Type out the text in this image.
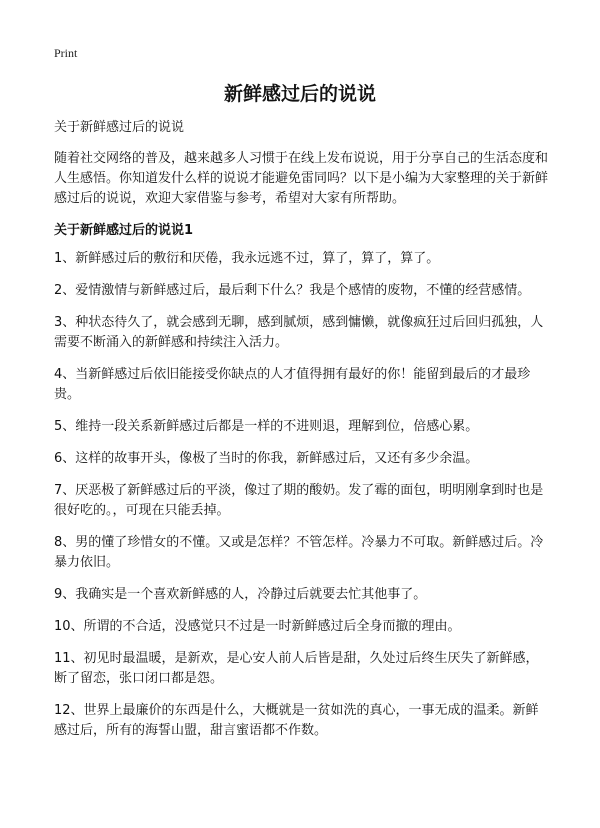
Print
新鲜感过后的说说
关于新鲜感过后的说说
随着社交网络的普及，越来越多人习惯于在线上发布说说，用于分享自己的生活态度和人生感悟。你知道发什么样的说说才能避免雷同吗？以下是小编为大家整理的关于新鲜感过后的说说，欢迎大家借鉴与参考，希望对大家有所帮助。
关于新鲜感过后的说说1
1、新鲜感过后的敷衍和厌倦，我永远逃不过，算了，算了，算了。
2、爱情激情与新鲜感过后，最后剩下什么？我是个感情的废物，不懂的经营感情。
3、种状态待久了，就会感到无聊，感到腻烦，感到慵懒，就像疯狂过后回归孤独，人需要不断涌入的新鲜感和持续注入活力。
4、当新鲜感过后依旧能接受你缺点的人才值得拥有最好的你！能留到最后的才最珍贵。
5、维持一段关系新鲜感过后都是一样的不进则退，理解到位，倍感心累。
6、这样的故事开头，像极了当时的你我，新鲜感过后，又还有多少余温。
7、厌恶极了新鲜感过后的平淡，像过了期的酸奶。发了霉的面包，明明刚拿到时也是很好吃的。，可现在只能丢掉。
8、男的懂了珍惜女的不懂。又或是怎样？不管怎样。冷暴力不可取。新鲜感过后。冷暴力依旧。
9、我确实是一个喜欢新鲜感的人，冷静过后就要去忙其他事了。
10、所谓的不合适，没感觉只不过是一时新鲜感过后全身而撤的理由。
11、初见时最温暖，是新欢，是心安人前人后皆是甜，久处过后终生厌失了新鲜感，断了留恋，张口闭口都是怨。
12、世界上最廉价的东西是什么，大概就是一贫如洗的真心，一事无成的温柔。新鲜感过后，所有的海誓山盟，甜言蜜语都不作数。
